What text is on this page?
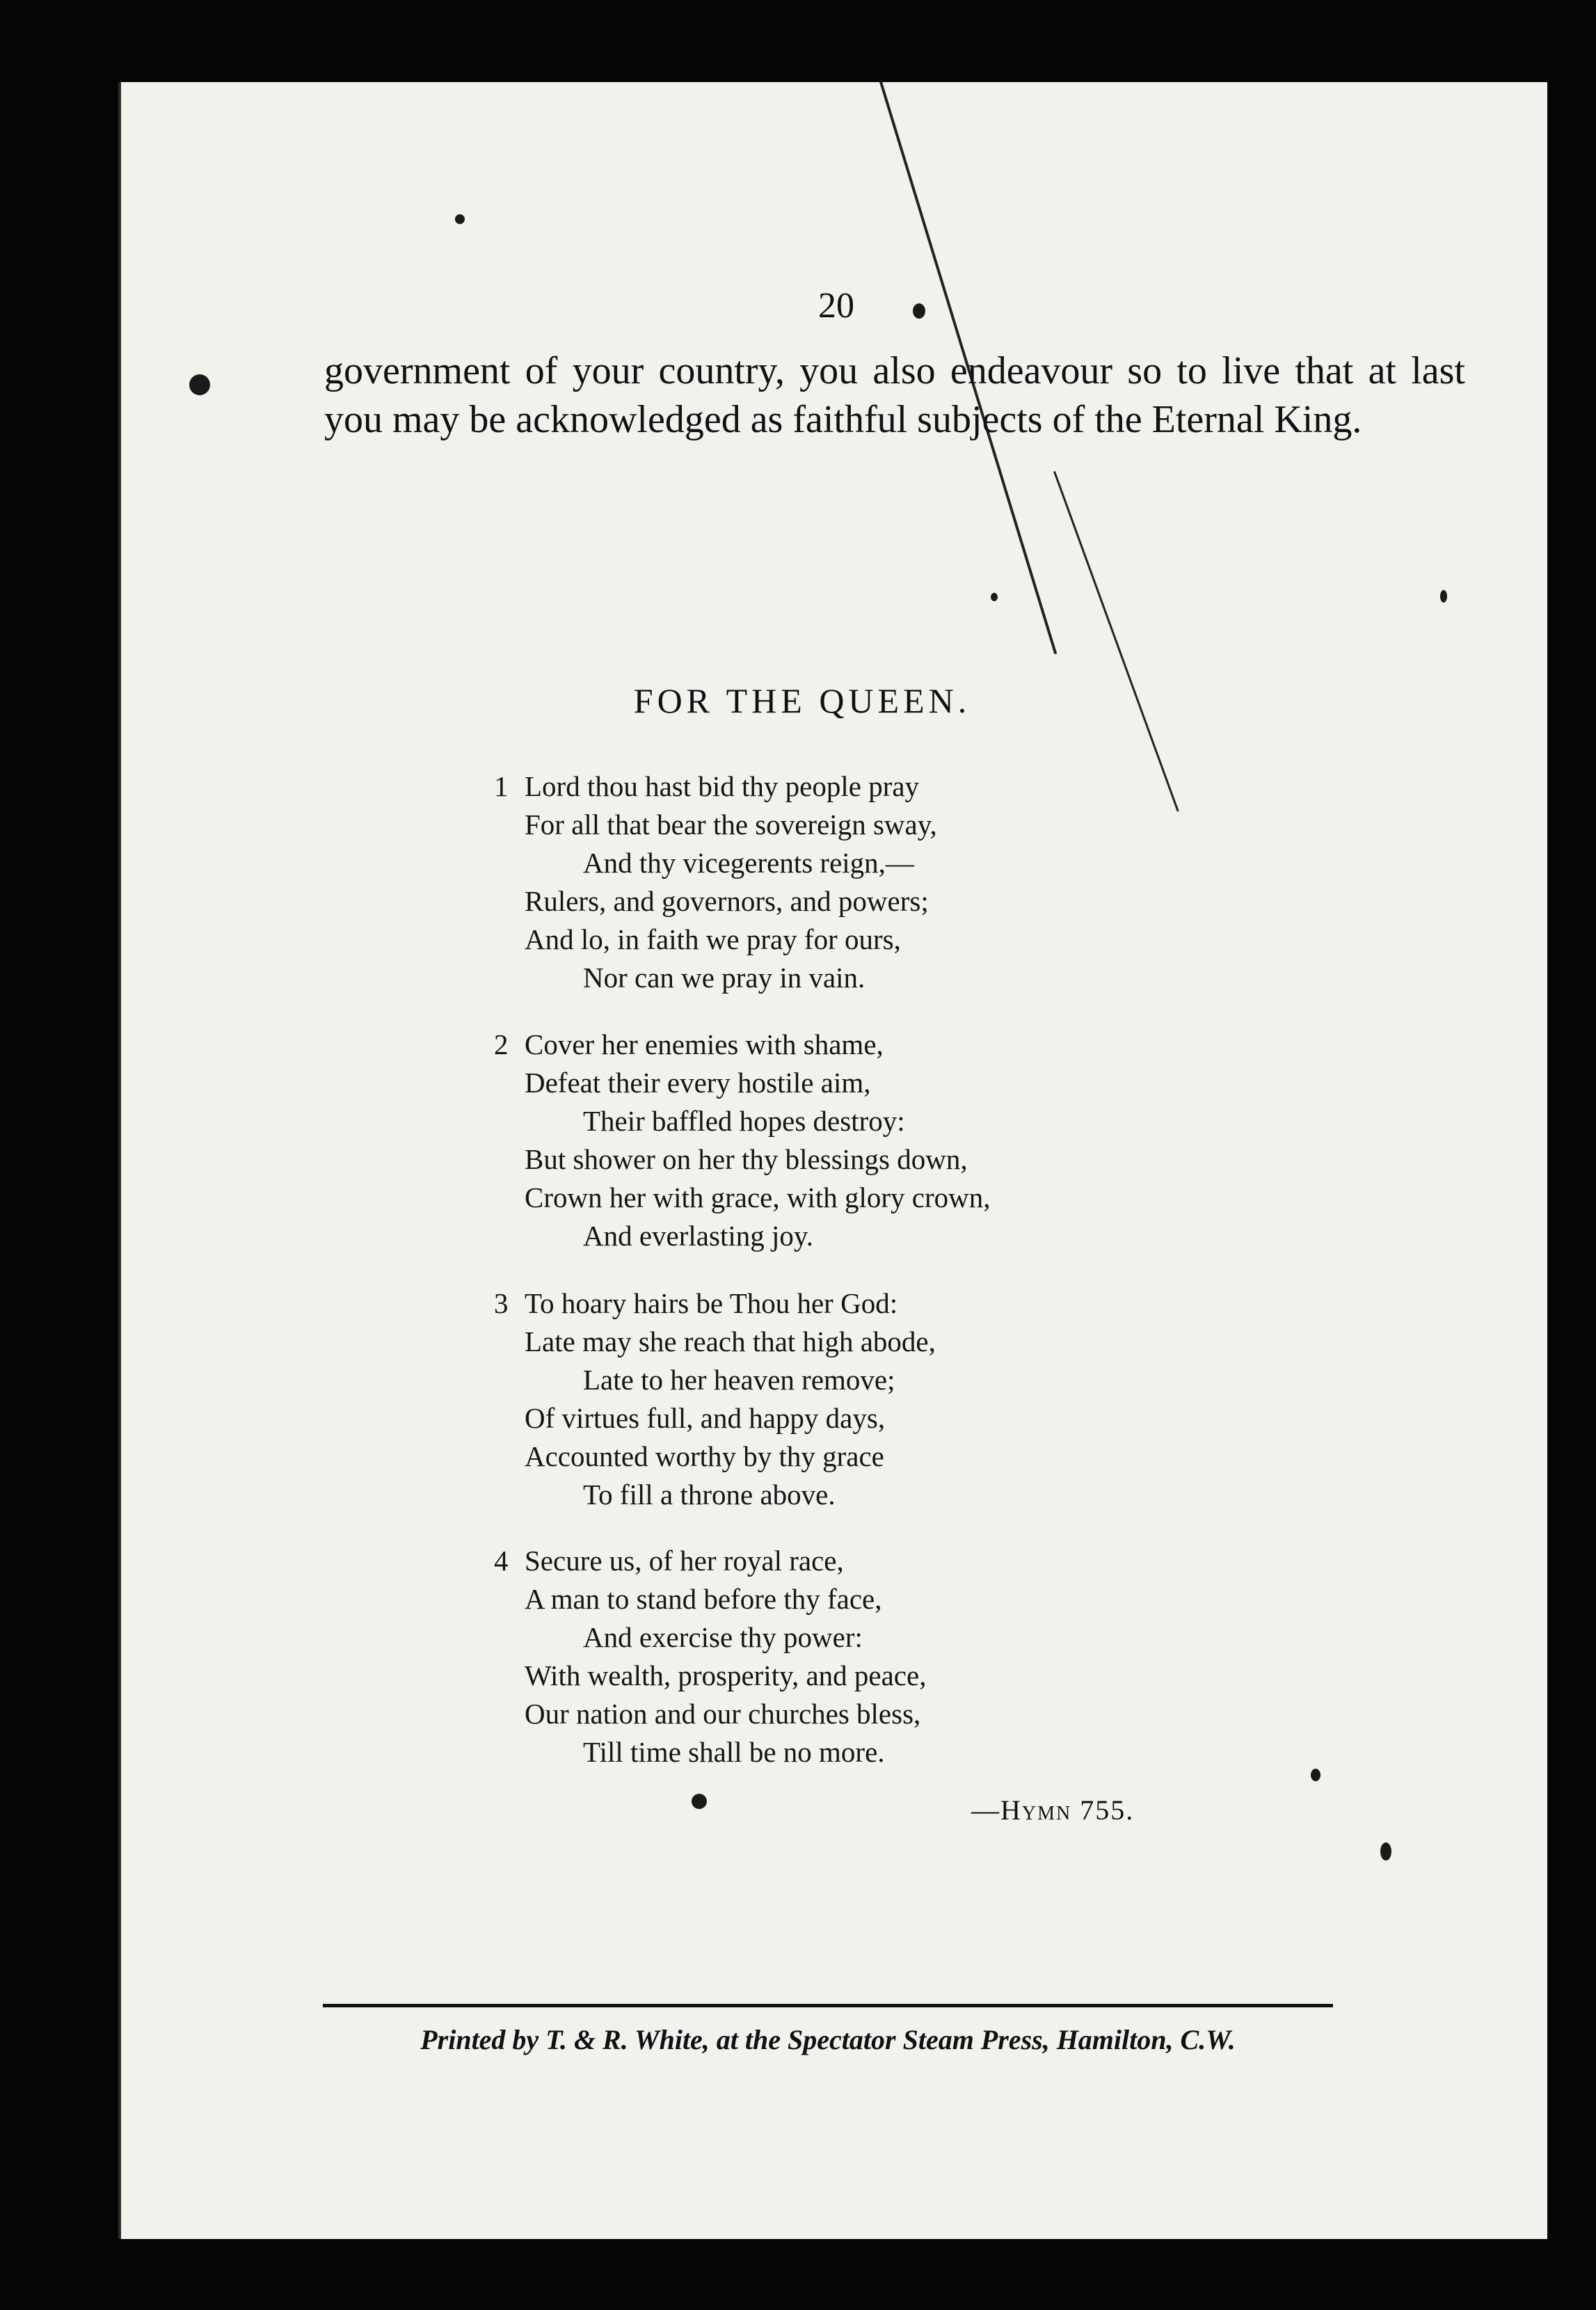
20

government of your country, you also endeavour so to live that at last you may be acknowledged as faithful subjects of the Eternal King.

FOR THE QUEEN.
1 Lord thou hast bid thy people pray
For all that bear the sovereign sway,
And thy vicegerents reign,—
Rulers, and governors, and powers;
And lo, in faith we pray for ours,
Nor can we pray in vain.
2 Cover her enemies with shame,
Defeat their every hostile aim,
Their baffled hopes destroy:
But shower on her thy blessings down,
Crown her with grace, with glory crown,
And everlasting joy.
3 To hoary hairs be Thou her God:
Late may she reach that high abode,
Late to her heaven remove;
Of virtues full, and happy days,
Accounted worthy by thy grace
To fill a throne above.
4 Secure us, of her royal race,
A man to stand before thy face,
And exercise thy power:
With wealth, prosperity, and peace,
Our nation and our churches bless,
Till time shall be no more.
—Hymn 755.
Printed by T. & R. White, at the Spectator Steam Press, Hamilton, C.W.
